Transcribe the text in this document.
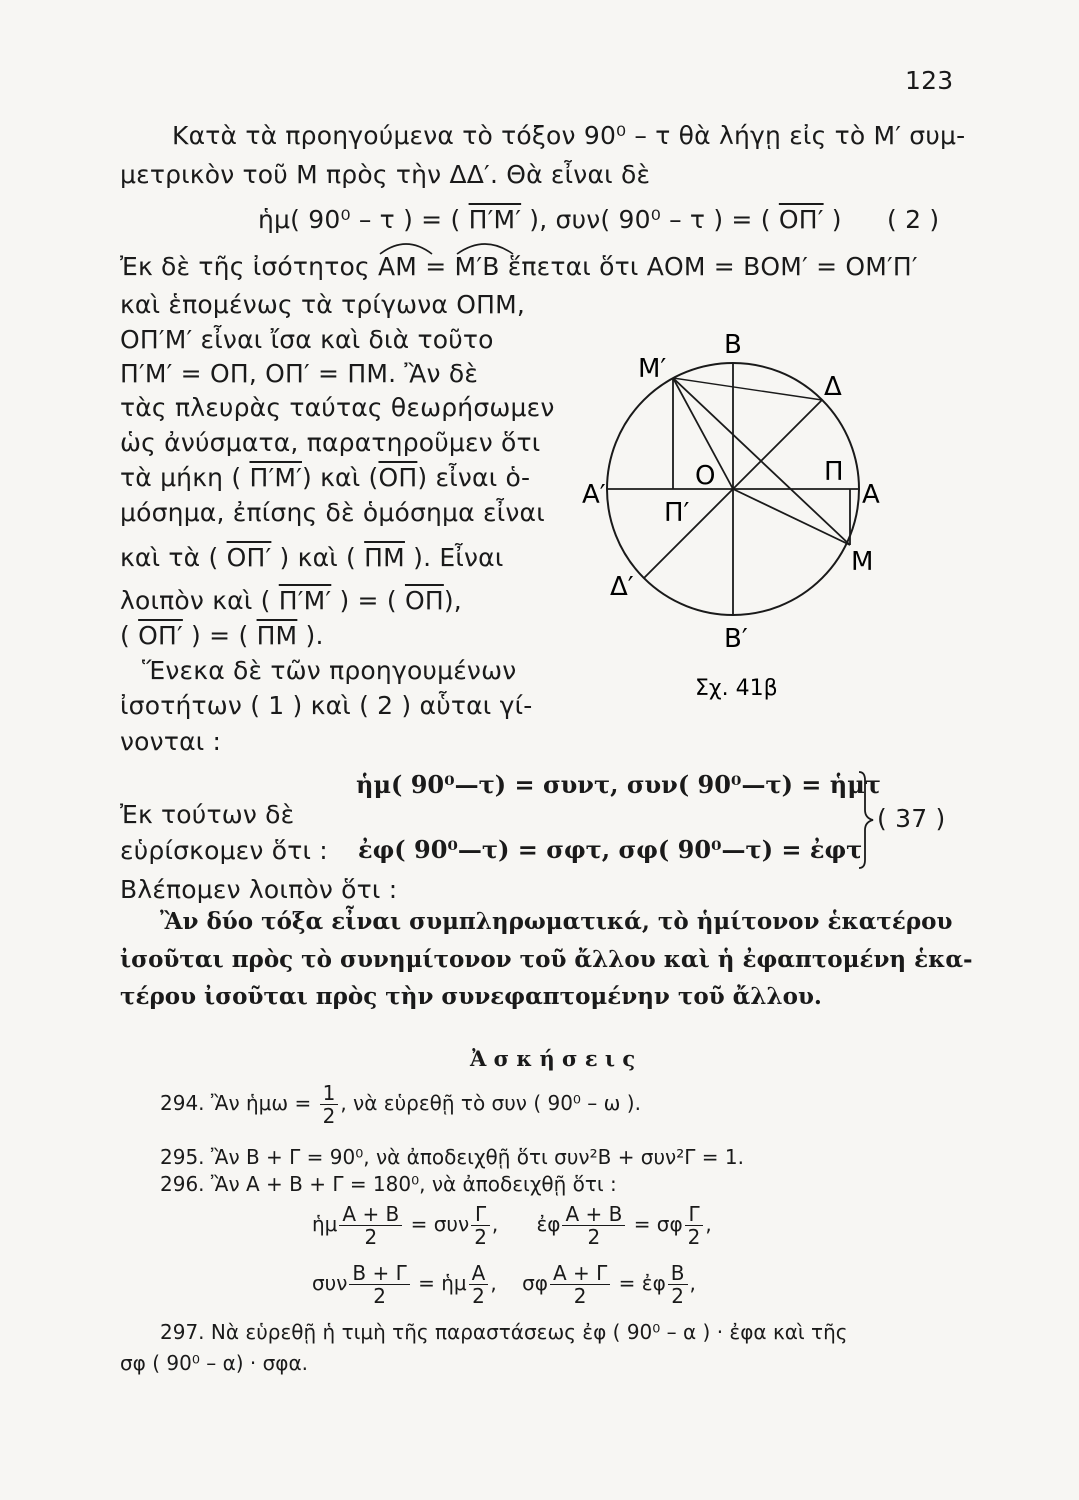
123
Κατὰ τὰ προηγούμενα τὸ τόξον 90⁰ – τ θὰ λήγῃ εἰς τὸ Μ′ συμ-
μετρικὸν τοῦ Μ πρὸς τὴν ΔΔ′. Θὰ εἶναι δὲ
ἡμ( 90⁰ – τ ) = ( Π′Μ′ ), συν( 90⁰ – τ ) = ( ΟΠ′ ) ( 2 )
Ἐκ δὲ τῆς ἰσότητος ΑΜ = Μ′Β ἕπεται ὅτι ΑΟΜ = ΒΟΜ′ = ΟΜ′Π′
καὶ ἑπομένως τὰ τρίγωνα ΟΠΜ,
ΟΠ′Μ′ εἶναι ἴσα καὶ διὰ τοῦτο
Π′Μ′ = ΟΠ, ΟΠ′ = ΠΜ. Ἂν δὲ
τὰς πλευρὰς ταύτας θεωρήσωμεν
ὡς ἀνύσματα, παρατηροῦμεν ὅτι
τὰ μήκη ( Π′Μ′) καὶ $(\overline{O\Pi})$ εἶναι ὁ-
μόσημα, ἐπίσης δὲ ὁμόσημα εἶναι
καὶ τὰ ( ΟΠ′ ) καὶ ( $\overline{\Pi M}$ ). Εἶναι
λοιπὸν καὶ ( Π′Μ′ ) = ( $\overline{O\Pi}$),
( ΟΠ′ ) = ( $\overline{\Pi M}$ ).
Ἕνεκα δὲ τῶν προηγουμένων
ἰσοτήτων ( 1 ) καὶ ( 2 ) αὗται γί-
νονται :
Β
Μ′
Δ
Ο	Π
Α′	Α
Π′
Μ
Δ′
Β′
Σχ. 41β
Ἐκ τούτων δὲ
εὑρίσκομεν ὅτι :
ἡμ( 90⁰—τ) = συντ, συν( 90⁰—τ) = ἡμτ
ἐφ( 90⁰—τ) = σφτ, σφ( 90⁰—τ) = ἐφτ
( 37 )
Βλέπομεν λοιπὸν ὅτι :
Ἂν δύο τόξα εἶναι συμπληρωματικά, τὸ ἡμίτονον ἑκατέρου
ἰσοῦται πρὸς τὸ συνημίτονον τοῦ ἄλλου καὶ ἡ ἐφαπτομένη ἑκα-
τέρου ἰσοῦται πρὸς τὴν συνεφαπτομένην τοῦ ἄλλου.
Ἀ σ κ ή σ ε ι ς
294. Ἂν ἡμω = $\frac{1}{2}$ , νὰ εὑρεθῇ τὸ συν ( 90⁰ – ω ).
295. Ἂν Β + Γ = 90⁰, νὰ ἀποδειχθῇ ὅτι συν²Β + συν²Γ = 1.
296. Ἂν Α + Β + Γ = 180⁰, νὰ ἀποδειχθῇ ὅτι :
ἡμ $\frac{A + B}{2} = \sigma\upsilon\nu \frac{\Gamma}{2}$ , ἐφ $\frac{A + B}{2} = \sigma\varphi \frac{\Gamma}{2}$ ,
συν $\frac{B + \Gamma}{2}$ = ἡμ $\frac{A}{2}$ , σφ $\frac{A + \Gamma}{2}$ = ἐφ $\frac{B}{2}$ ,
297. Νὰ εὑρεθῇ ἡ τιμὴ τῆς παραστάσεως ἐφ ( 90⁰ – α ) · ἐφα καὶ τῆς
σφ ( 90⁰ – α) · σφα.
